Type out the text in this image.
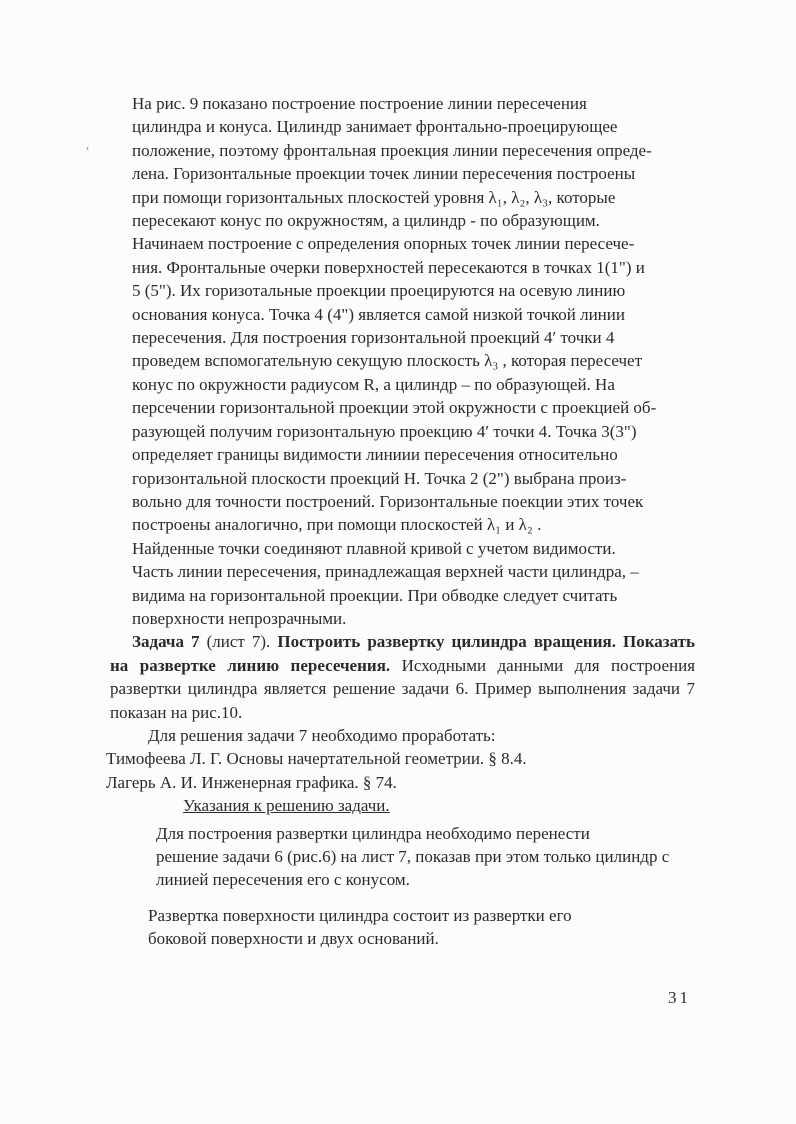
‹

На рис. 9 показано построение построение линии пересечения
цилиндра и конуса. Цилиндр занимает фронтально-проецирующее
положение, поэтому фронтальная проекция линии пересечения опреде-
лена. Горизонтальные проекции точек линии пересечения построены
при помощи горизонтальных плоскостей уровня λ₁, λ₂, λ₃, которые
пересекают конус по окружностям, а цилиндр - по образующим.

Начинаем построение с определения опорных точек линии пересече-
ния. Фронтальные очерки поверхностей пересекаются в точках 1(1") и
5 (5"). Их горизотальные проекции проецируются на осевую линию
основания конуса. Точка 4 (4") является самой низкой точкой линии
пересечения. Для построения горизонтальной проекций 4′ точки 4
проведем вспомогательную секущую плоскость λ₃ , которая пересечет
конус по окружности радиусом R, а цилиндр – по образующей. На
персечении горизонтальной проекции этой окружности с проекцией об-
разующей получим горизонтальную проекцию 4′ точки 4. Точка 3(3")
определяет границы видимости линиии пересечения относительно
горизонтальной плоскости проекций Н. Точка 2 (2") выбрана произ-
вольно для точности построений. Горизонтальные поекции этих точек
построены аналогично, при помощи плоскостей λ₁ и λ₂ .

Найденные точки соединяют плавной кривой с учетом видимости.
Часть линии пересечения, принадлежащая верхней части цилиндра, –
видима на горизонтальной проекции. При обводке следует считать
поверхности непрозрачными.

Задача 7 (лист 7). Построить развертку цилиндра вращения. Показать на развертке линию пересечения. Исходными данными для построения развертки цилиндра является решение задачи 6. Пример выполнения задачи 7 показан на рис.10.

Для решения задачи 7 необходимо проработать:

Тимофеева Л. Г. Основы начертательной геометрии. § 8.4.
Лагерь А. И. Инженерная графика. § 74.

Указания к решению задачи.

Для построения развертки цилиндра необходимо перенести
решение задачи 6 (рис.6) на лист 7, показав при этом только цилиндр с
линией пересечения его с конусом.

Развертка поверхности цилиндра состоит из развертки его
боковой поверхности и двух оснований.

31
